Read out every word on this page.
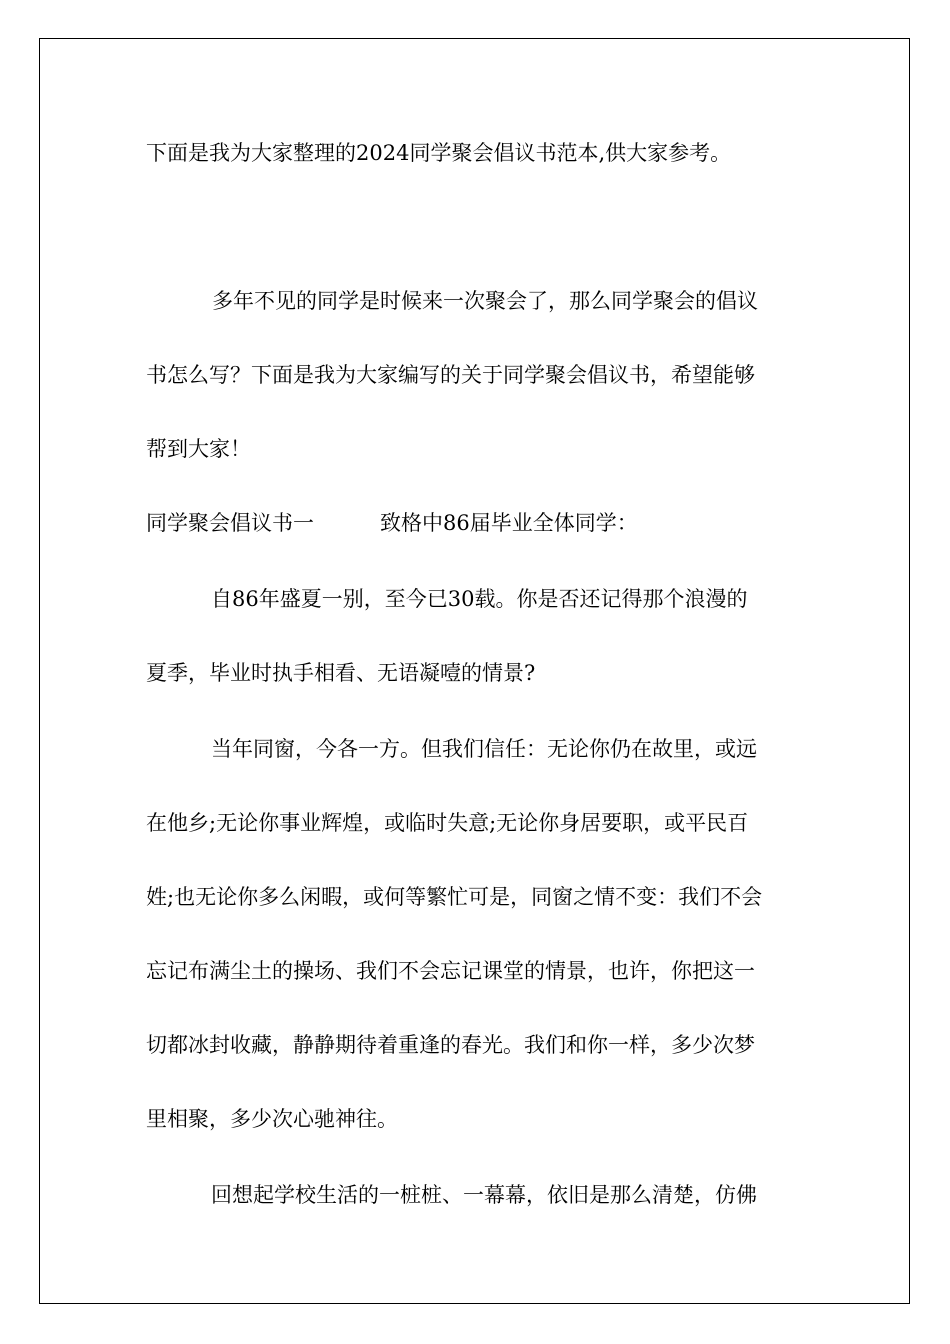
下面是我为大家整理的2024同学聚会倡议书范本,供大家参考。

多年不见的同学是时候来一次聚会了，那么同学聚会的倡议

书怎么写？下面是我为大家编写的关于同学聚会倡议书，希望能够

帮到大家！

同学聚会倡议书一	致格中86届毕业全体同学：

自86年盛夏一别，至今已30载。你是否还记得那个浪漫的

夏季，毕业时执手相看、无语凝噎的情景?

当年同窗，今各一方。但我们信任：无论你仍在故里，或远

在他乡;无论你事业辉煌，或临时失意;无论你身居要职，或平民百

姓;也无论你多么闲暇，或何等繁忙可是，同窗之情不变：我们不会

忘记布满尘土的操场、我们不会忘记课堂的情景，也许，你把这一

切都冰封收藏，静静期待着重逢的春光。我们和你一样，多少次梦

里相聚，多少次心驰神往。

回想起学校生活的一桩桩、一幕幕，依旧是那么清楚，仿佛
